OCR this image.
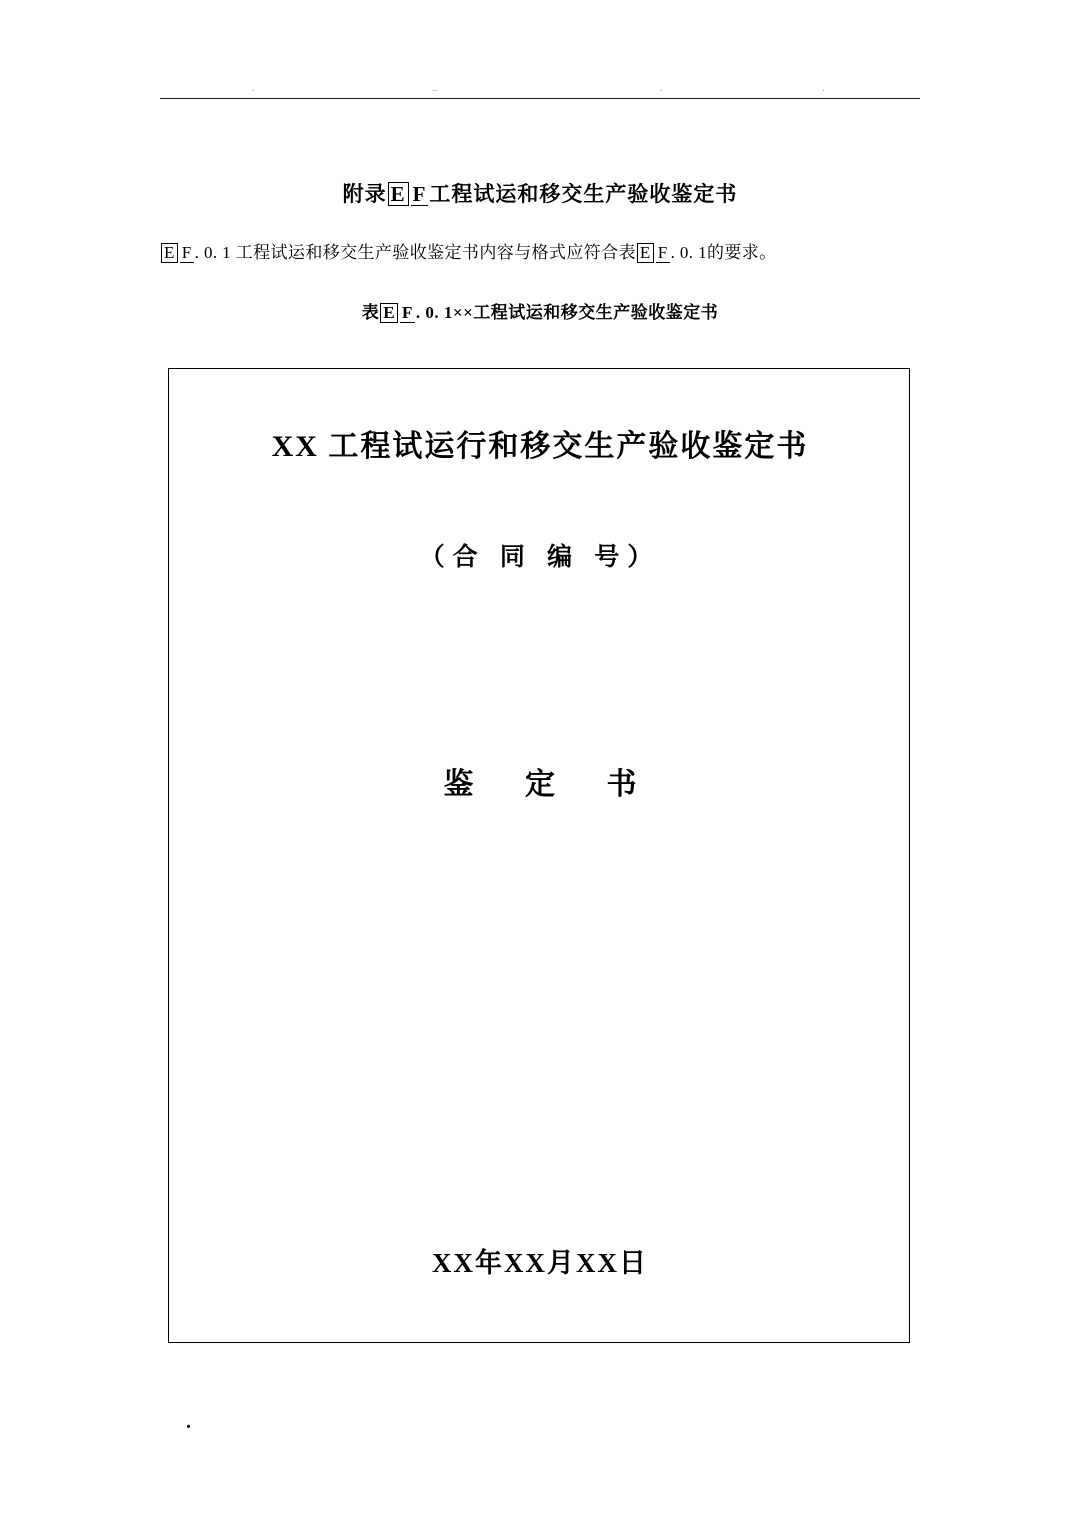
.	..	.	.
附录 E F 工程试运和移交生产验收鉴定书
E F . 0. 1 工程试运和移交生产验收鉴定书内容与格式应符合表 E F . 0. 1的要求。
表 E F . 0. 1××工程试运和移交生产验收鉴定书
XX 工程试运行和移交生产验收鉴定书
（合 同 编 号）
鉴 定 书
XX年XX月XX日
.
